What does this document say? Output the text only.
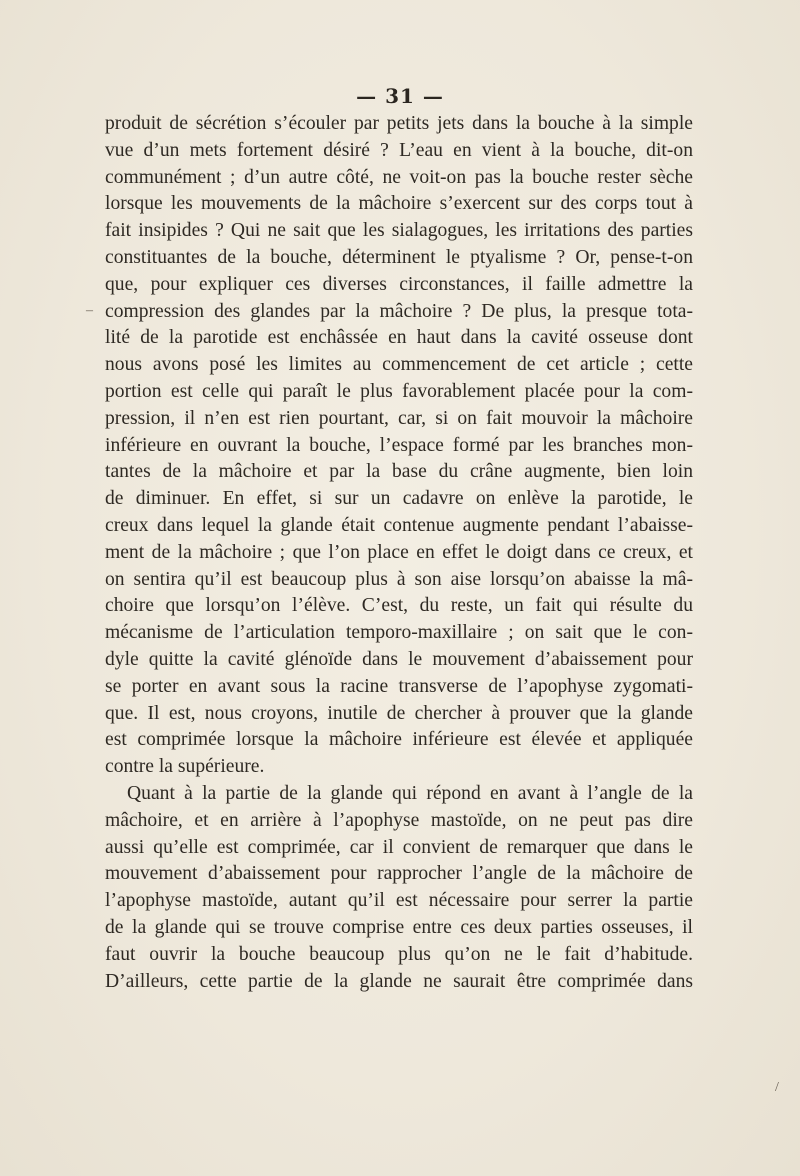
— 31 —
produit de sécrétion s’écouler par petits jets dans la bouche à la simple
vue d’un mets fortement désiré ? L’eau en vient à la bouche, dit-on
communément ; d’un autre côté, ne voit-on pas la bouche rester sèche
lorsque les mouvements de la mâchoire s’exercent sur des corps tout à
fait insipides ? Qui ne sait que les sialagogues, les irritations des parties
constituantes de la bouche, déterminent le ptyalisme ? Or, pense-t-on
que, pour expliquer ces diverses circonstances, il faille admettre la
compression des glandes par la mâchoire ? De plus, la presque tota-
lité de la parotide est enchâssée en haut dans la cavité osseuse dont
nous avons posé les limites au commencement de cet article ; cette
portion est celle qui paraît le plus favorablement placée pour la com-
pression, il n’en est rien pourtant, car, si on fait mouvoir la mâchoire
inférieure en ouvrant la bouche, l’espace formé par les branches mon-
tantes de la mâchoire et par la base du crâne augmente, bien loin
de diminuer. En effet, si sur un cadavre on enlève la parotide, le
creux dans lequel la glande était contenue augmente pendant l’abaisse-
ment de la mâchoire ; que l’on place en effet le doigt dans ce creux, et
on sentira qu’il est beaucoup plus à son aise lorsqu’on abaisse la mâ-
choire que lorsqu’on l’élève. C’est, du reste, un fait qui résulte du
mécanisme de l’articulation temporo-maxillaire ; on sait que le con-
dyle quitte la cavité glénoïde dans le mouvement d’abaissement pour
se porter en avant sous la racine transverse de l’apophyse zygomati-
que. Il est, nous croyons, inutile de chercher à prouver que la glande
est comprimée lorsque la mâchoire inférieure est élevée et appliquée
contre la supérieure.
Quant à la partie de la glande qui répond en avant à l’angle de la
mâchoire, et en arrière à l’apophyse mastoïde, on ne peut pas dire
aussi qu’elle est comprimée, car il convient de remarquer que dans le
mouvement d’abaissement pour rapprocher l’angle de la mâchoire de
l’apophyse mastoïde, autant qu’il est nécessaire pour serrer la partie
de la glande qui se trouve comprise entre ces deux parties osseuses, il
faut ouvrir la bouche beaucoup plus qu’on ne le fait d’habitude.
D’ailleurs, cette partie de la glande ne saurait être comprimée dans
–
/
